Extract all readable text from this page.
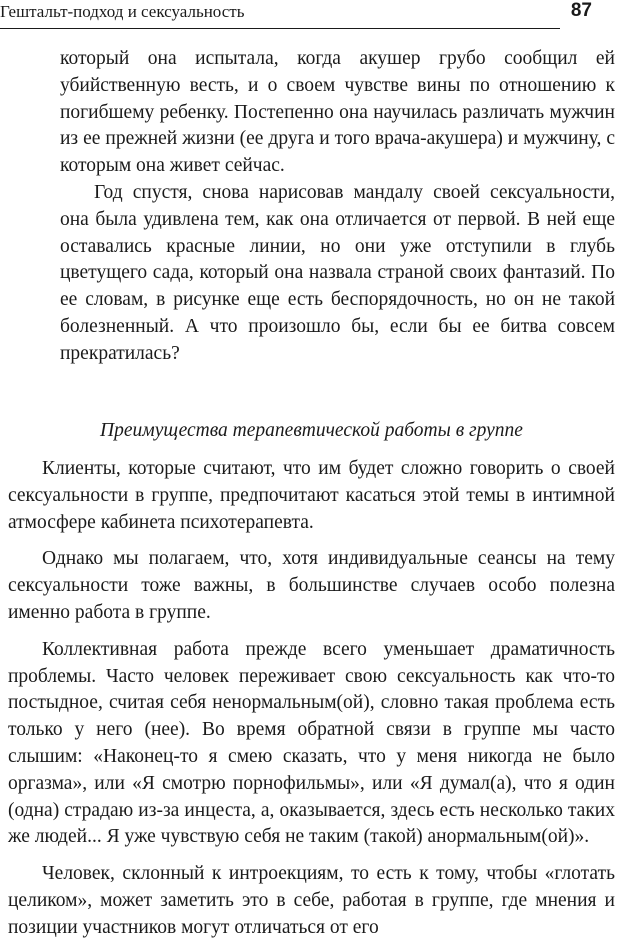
Гештальт-подход и сексуальность	87

который она испытала, когда акушер грубо сообщил ей убийственную весть, и о своем чувстве вины по отношению к погибшему ребенку. Постепенно она научилась различать мужчин из ее прежней жизни (ее друга и того врача-акушера) и мужчину, с которым она живет сейчас.

Год спустя, снова нарисовав мандалу своей сексуальности, она была удивлена тем, как она отличается от первой. В ней еще оставались красные линии, но они уже отступили в глубь цветущего сада, который она назвала страной своих фантазий. По ее словам, в рисунке еще есть беспорядочность, но он не такой болезненный. А что произошло бы, если бы ее битва совсем прекратилась?

Преимущества терапевтической работы в группе

Клиенты, которые считают, что им будет сложно говорить о своей сексуальности в группе, предпочитают касаться этой темы в интимной атмосфере кабинета психотерапевта.

Однако мы полагаем, что, хотя индивидуальные сеансы на тему сексуальности тоже важны, в большинстве случаев особо полезна именно работа в группе.

Коллективная работа прежде всего уменьшает драматичность проблемы. Часто человек переживает свою сексуальность как что-то постыдное, считая себя ненормальным(ой), словно такая проблема есть только у него (нее). Во время обратной связи в группе мы часто слышим: «Наконец-то я смею сказать, что у меня никогда не было оргазма», или «Я смотрю порнофильмы», или «Я думал(а), что я один (одна) страдаю из-за инцеста, а, оказывается, здесь есть несколько таких же людей... Я уже чувствую себя не таким (такой) анормальным(ой)».

Человек, склонный к интроекциям, то есть к тому, чтобы «глотать целиком», может заметить это в себе, работая в группе, где мнения и позиции участников могут отличаться от его
